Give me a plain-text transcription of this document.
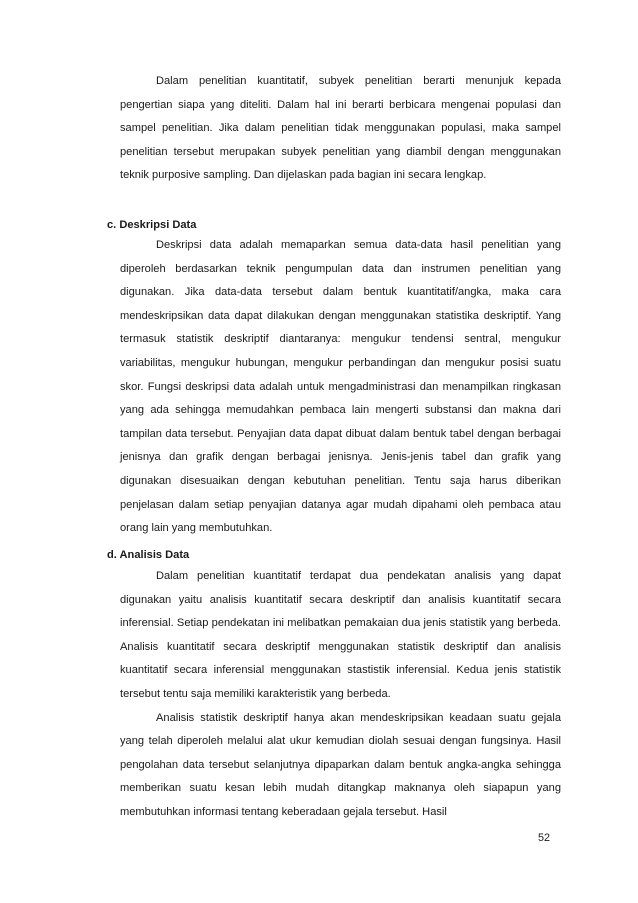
Dalam penelitian kuantitatif, subyek penelitian berarti menunjuk kepada pengertian siapa yang diteliti. Dalam hal ini berarti berbicara mengenai populasi dan sampel penelitian. Jika dalam penelitian tidak menggunakan populasi, maka sampel penelitian tersebut merupakan subyek penelitian yang diambil dengan menggunakan teknik purposive sampling. Dan dijelaskan pada bagian ini secara lengkap.

c. Deskripsi Data

Deskripsi data adalah memaparkan semua data-data hasil penelitian yang diperoleh berdasarkan teknik pengumpulan data dan instrumen penelitian yang digunakan. Jika data-data tersebut dalam bentuk kuantitatif/angka, maka cara mendeskripsikan data dapat dilakukan dengan menggunakan statistika deskriptif. Yang termasuk statistik deskriptif diantaranya: mengukur tendensi sentral, mengukur variabilitas, mengukur hubungan, mengukur perbandingan dan mengukur posisi suatu skor. Fungsi deskripsi data adalah untuk mengadministrasi dan menampilkan ringkasan yang ada sehingga memudahkan pembaca lain mengerti substansi dan makna dari tampilan data tersebut. Penyajian data dapat dibuat dalam bentuk tabel dengan berbagai jenisnya dan grafik dengan berbagai jenisnya. Jenis-jenis tabel dan grafik yang digunakan disesuaikan dengan kebutuhan penelitian. Tentu saja harus diberikan penjelasan dalam setiap penyajian datanya agar mudah dipahami oleh pembaca atau orang lain yang membutuhkan.

d. Analisis Data

Dalam penelitian kuantitatif terdapat dua pendekatan analisis yang dapat digunakan yaitu analisis kuantitatif secara deskriptif dan analisis kuantitatif secara inferensial. Setiap pendekatan ini melibatkan pemakaian dua jenis statistik yang berbeda. Analisis kuantitatif secara deskriptif menggunakan statistik deskriptif dan analisis kuantitatif secara inferensial menggunakan stastistik inferensial. Kedua jenis statistik tersebut tentu saja memiliki karakteristik yang berbeda.

Analisis statistik deskriptif hanya akan mendeskripsikan keadaan suatu gejala yang telah diperoleh melalui alat ukur kemudian diolah sesuai dengan fungsinya. Hasil pengolahan data tersebut selanjutnya dipaparkan dalam bentuk angka-angka sehingga memberikan suatu kesan lebih mudah ditangkap maknanya oleh siapapun yang membutuhkan informasi tentang keberadaan gejala tersebut. Hasil

52
